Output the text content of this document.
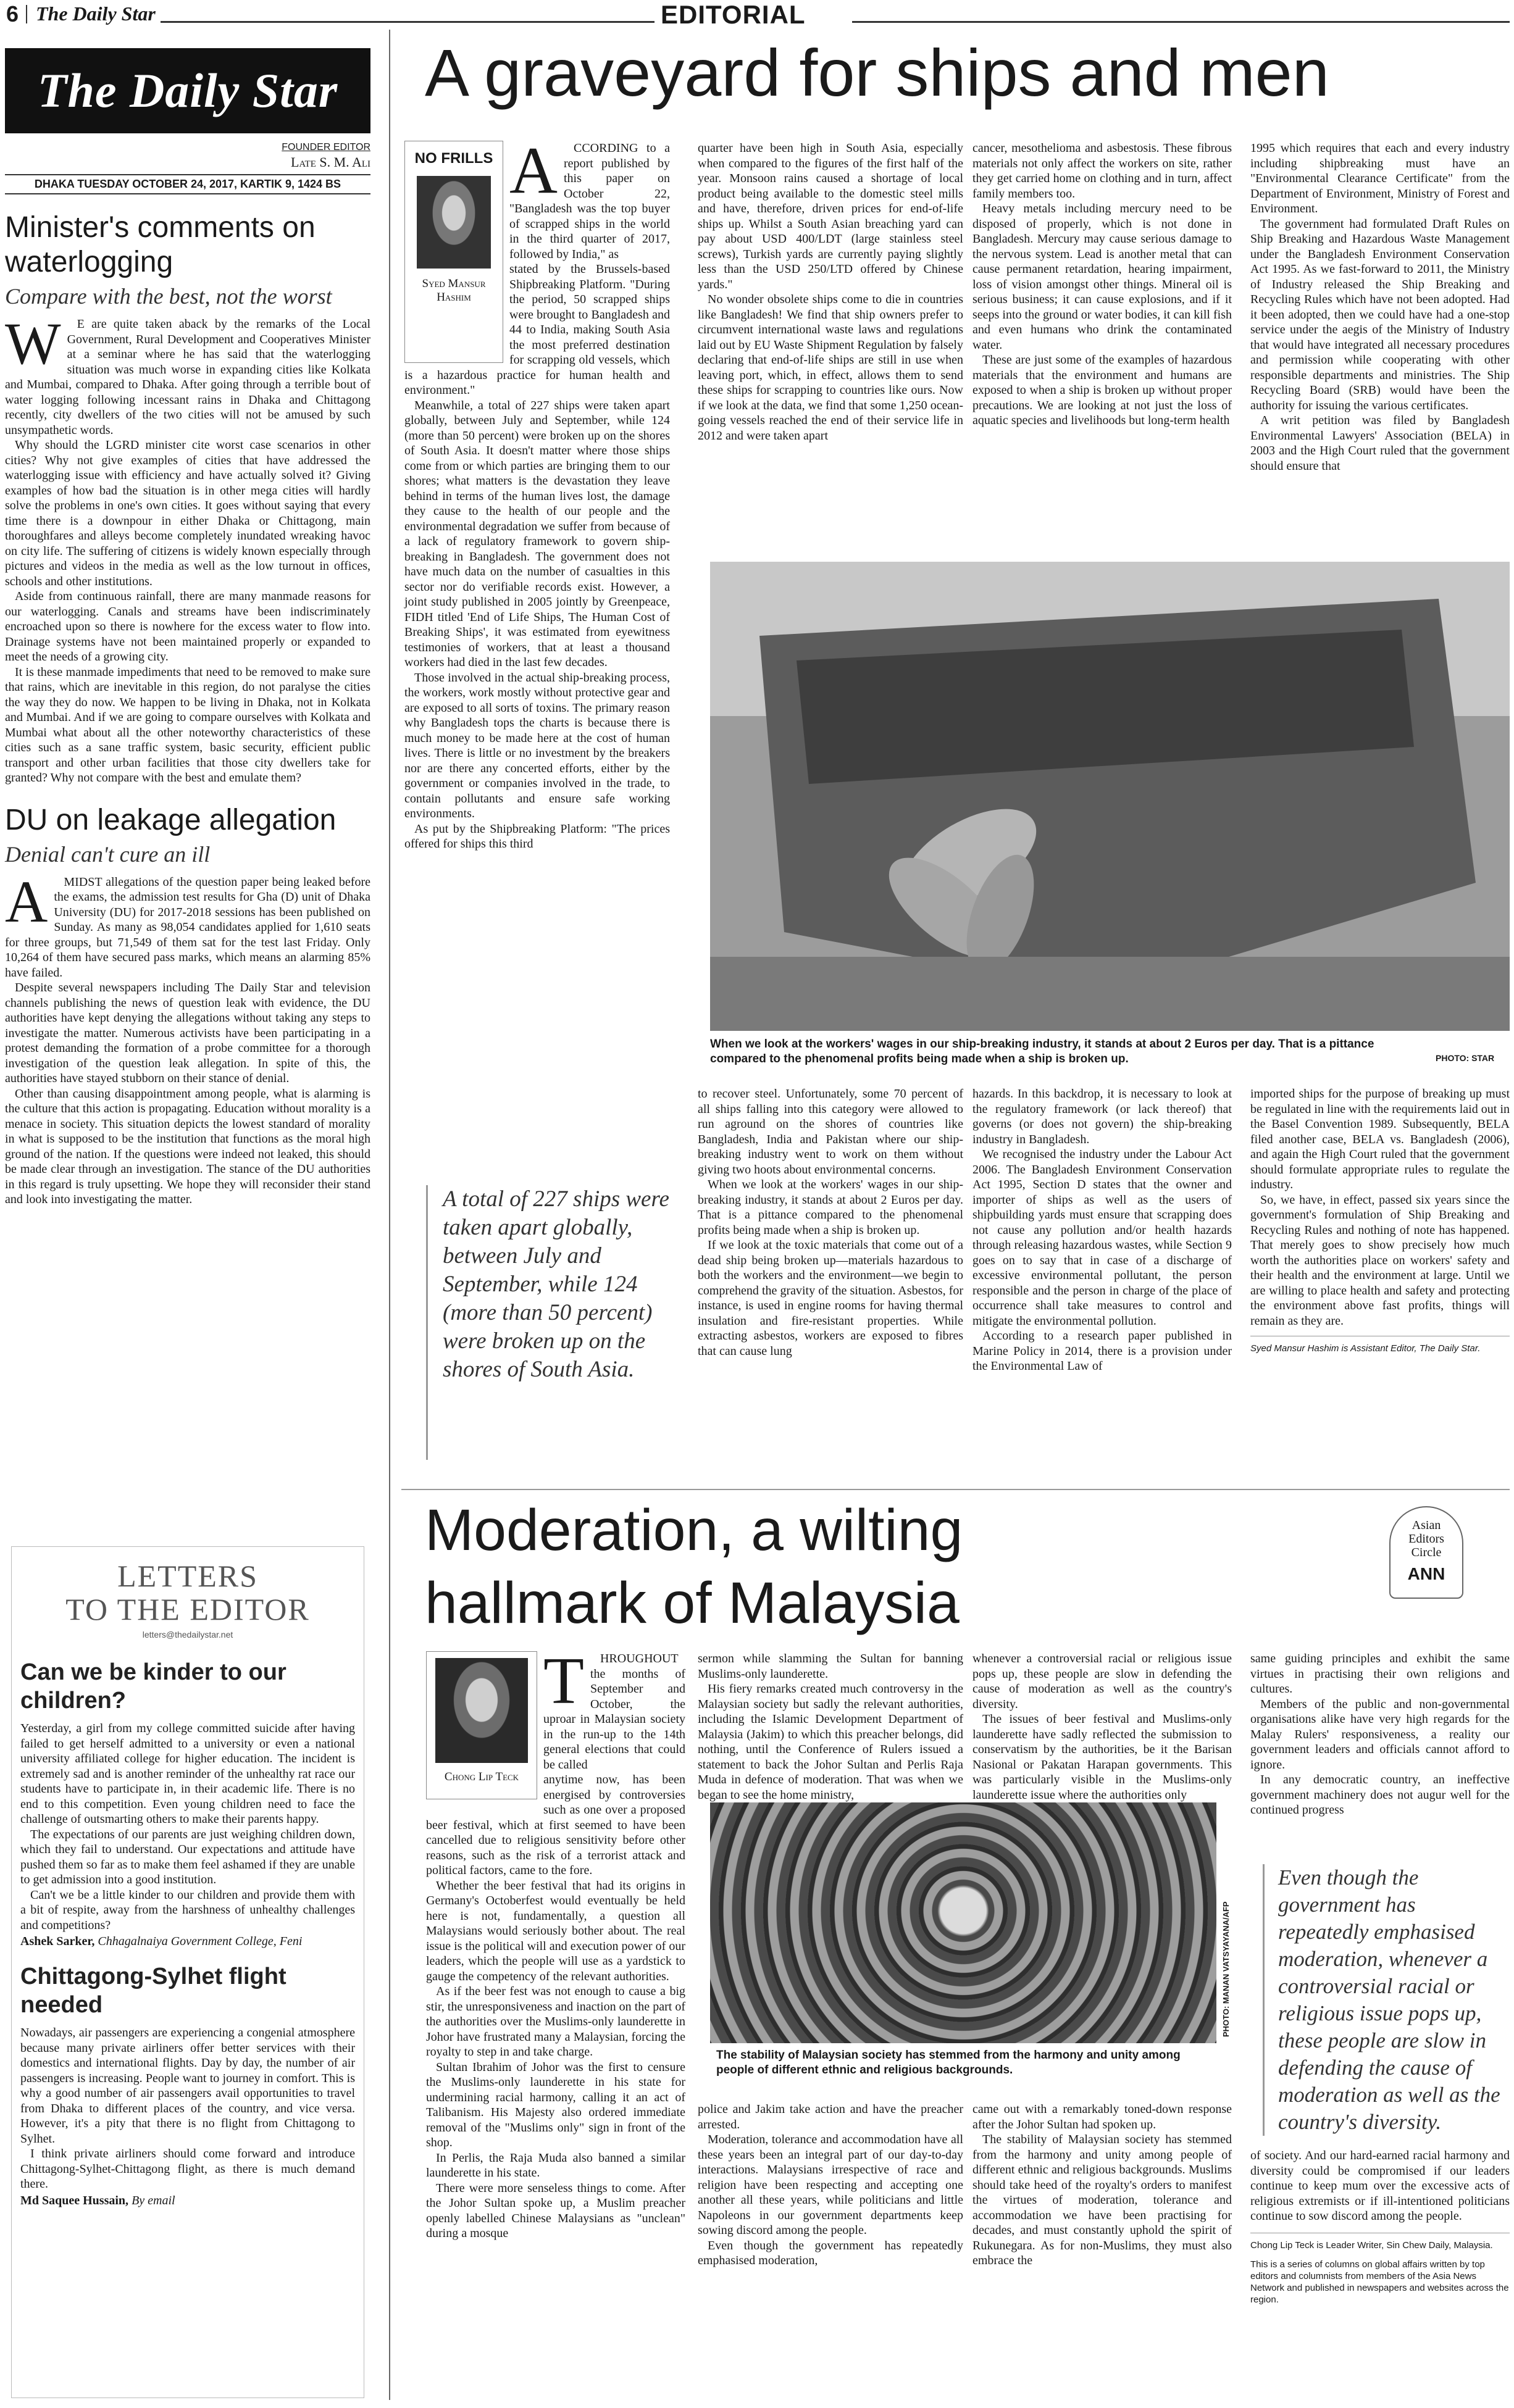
6 The Daily Star	EDITORIAL
The Daily Star
FOUNDER EDITOR
Late S. M. Ali
DHAKA TUESDAY OCTOBER 24, 2017, KARTIK 9, 1424 BS
Minister's comments on waterlogging
Compare with the best, not the worst
W	E are quite taken aback by the remarks of the Local Government, Rural Development and Cooperatives Minister at a seminar where he has said that the waterlogging situation was much worse in expanding cities like Kolkata and Mumbai, compared to Dhaka. After going through a terrible bout of water logging following incessant rains in Dhaka and Chittagong recently, city dwellers of the two cities will not be amused by such unsympathetic words.

Why should the LGRD minister cite worst case scenarios in other cities? Why not give examples of cities that have addressed the waterlogging issue with efficiency and have actually solved it? Giving examples of how bad the situation is in other mega cities will hardly solve the problems in one's own cities. It goes without saying that every time there is a downpour in either Dhaka or Chittagong, main thoroughfares and alleys become completely inundated wreaking havoc on city life. The suffering of citizens is widely known especially through pictures and videos in the media as well as the low turnout in offices, schools and other institutions.

Aside from continuous rainfall, there are many manmade reasons for our waterlogging. Canals and streams have been indiscriminately encroached upon so there is nowhere for the excess water to flow into. Drainage systems have not been maintained properly or expanded to meet the needs of a growing city.

It is these manmade impediments that need to be removed to make sure that rains, which are inevitable in this region, do not paralyse the cities the way they do now. We happen to be living in Dhaka, not in Kolkata and Mumbai. And if we are going to compare ourselves with Kolkata and Mumbai what about all the other noteworthy characteristics of these cities such as a sane traffic system, basic security, efficient public transport and other urban facilities that those city dwellers take for granted? Why not compare with the best and emulate them?

DU on leakage allegation
Denial can't cure an ill
A	MIDST allegations of the question paper being leaked before the exams, the admission test results for Gha (D) unit of Dhaka University (DU) for 2017-2018 sessions has been published on Sunday. As many as 98,054 candidates applied for 1,610 seats for three groups, but 71,549 of them sat for the test last Friday. Only 10,264 of them have secured pass marks, which means an alarming 85% have failed.

Despite several newspapers including The Daily Star and television channels publishing the news of question leak with evidence, the DU authorities have kept denying the allegations without taking any steps to investigate the matter. Numerous activists have been participating in a protest demanding the formation of a probe committee for a thorough investigation of the question leak allegation. In spite of this, the authorities have stayed stubborn on their stance of denial.

Other than causing disappointment among people, what is alarming is the culture that this action is propagating. Education without morality is a menace in society. This situation depicts the lowest standard of morality in what is supposed to be the institution that functions as the moral high ground of the nation. If the questions were indeed not leaked, this should be made clear through an investigation. The stance of the DU authorities in this regard is truly upsetting. We hope they will reconsider their stand and look into investigating the matter.

LETTERS
TO THE EDITOR
letters@thedailystar.net
Can we be kinder to our children?

Yesterday, a girl from my college committed suicide after having failed to get herself admitted to a university or even a national university affiliated college for higher education. The incident is extremely sad and is another reminder of the unhealthy rat race our students have to participate in, in their academic life. There is no end to this competition. Even young children need to face the challenge of outsmarting others to make their parents happy.

The expectations of our parents are just weighing children down, which they fail to understand. Our expectations and attitude have pushed them so far as to make them feel ashamed if they are unable to get admission into a good institution.

Can't we be a little kinder to our children and provide them with a bit of respite, away from the harshness of unhealthy challenges and competitions?

Ashek Sarker, Chhagalnaiya Government College, Feni
Chittagong-Sylhet flight needed

Nowadays, air passengers are experiencing a congenial atmosphere because many private airliners offer better services with their domestics and international flights. Day by day, the number of air passengers is increasing. People want to journey in comfort. This is why a good number of air passengers avail opportunities to travel from Dhaka to different places of the country, and vice versa. However, it's a pity that there is no flight from Chittagong to Sylhet.

I think private airliners should come forward and introduce Chittagong-Sylhet-Chittagong flight, as there is much demand there.

Md Saquee Hussain, By email
A graveyard for ships and men
NO FRILLS
Syed Mansur Hashim
A	CCORDING to a report published by this paper on October 22, "Bangladesh was the top buyer of scrapped ships in the world in the third quarter of 2017, followed by India," as

stated by the Brussels-based Shipbreaking Platform. "During the period, 50 scrapped ships were brought to Bangladesh and 44 to India, making South Asia the most preferred destination for scrapping old vessels, which is a hazardous practice for human health and environment."

Meanwhile, a total of 227 ships were taken apart globally, between July and September, while 124 (more than 50 percent) were broken up on the shores of South Asia. It doesn't matter where those ships come from or which parties are bringing them to our shores; what matters is the devastation they leave behind in terms of the human lives lost, the damage they cause to the health of our people and the environmental degradation we suffer from because of a lack of regulatory framework to govern ship-breaking in Bangladesh. The government does not have much data on the number of casualties in this sector nor do verifiable records exist. However, a joint study published in 2005 jointly by Greenpeace, FIDH titled 'End of Life Ships, The Human Cost of Breaking Ships', it was estimated from eyewitness testimonies of workers, that at least a thousand workers had died in the last few decades.

Those involved in the actual ship-breaking process, the workers, work mostly without protective gear and are exposed to all sorts of toxins. The primary reason why Bangladesh tops the charts is because there is much money to be made here at the cost of human lives. There is little or no investment by the breakers nor are there any concerted efforts, either by the government or companies involved in the trade, to contain pollutants and ensure safe working environments.

As put by the Shipbreaking Platform: "The prices offered for ships this third

quarter have been high in South Asia, especially when compared to the figures of the first half of the year. Monsoon rains caused a shortage of local product being available to the domestic steel mills and have, therefore, driven prices for end-of-life ships up. Whilst a South Asian breaching yard can pay about USD 400/LDT (large stainless steel screws), Turkish yards are currently paying slightly less than the USD 250/LTD offered by Chinese yards."

No wonder obsolete ships come to die in countries like Bangladesh! We find that ship owners prefer to circumvent international waste laws and regulations laid out by EU Waste Shipment Regulation by falsely declaring that end-of-life ships are still in use when leaving port, which, in effect, allows them to send these ships for scrapping to countries like ours. Now if we look at the data, we find that some 1,250 ocean-going vessels reached the end of their service life in 2012 and were taken apart

cancer, mesothelioma and asbestosis. These fibrous materials not only affect the workers on site, rather they get carried home on clothing and in turn, affect family members too.

Heavy metals including mercury need to be disposed of properly, which is not done in Bangladesh. Mercury may cause serious damage to the nervous system. Lead is another metal that can cause permanent retardation, hearing impairment, loss of vision amongst other things. Mineral oil is serious business; it can cause explosions, and if it seeps into the ground or water bodies, it can kill fish and even humans who drink the contaminated water.

These are just some of the examples of hazardous materials that the environment and humans are exposed to when a ship is broken up without proper precautions. We are looking at not just the loss of aquatic species and livelihoods but long-term health

1995 which requires that each and every industry including shipbreaking must have an "Environmental Clearance Certificate" from the Department of Environment, Ministry of Forest and Environment.

The government had formulated Draft Rules on Ship Breaking and Hazardous Waste Management under the Bangladesh Environment Conservation Act 1995. As we fast-forward to 2011, the Ministry of Industry released the Ship Breaking and Recycling Rules which have not been adopted. Had it been adopted, then we could have had a one-stop service under the aegis of the Ministry of Industry that would have integrated all necessary procedures and permission while cooperating with other responsible departments and ministries. The Ship Recycling Board (SRB) would have been the authority for issuing the various certificates.

A writ petition was filed by Bangladesh Environmental Lawyers' Association (BELA) in 2003 and the High Court ruled that the government should ensure that

When we look at the workers' wages in our ship-breaking industry, it stands at about 2 Euros per day. That is a pittance compared to the phenomenal profits being made when a ship is broken up.	PHOTO: STAR
A total of 227 ships were taken apart globally, between July and September, while 124 (more than 50 percent) were broken up on the shores of South Asia.

to recover steel. Unfortunately, some 70 percent of all ships falling into this category were allowed to run aground on the shores of countries like Bangladesh, India and Pakistan where our ship-breaking industry went to work on them without giving two hoots about environmental concerns.

When we look at the workers' wages in our ship-breaking industry, it stands at about 2 Euros per day. That is a pittance compared to the phenomenal profits being made when a ship is broken up.

If we look at the toxic materials that come out of a dead ship being broken up—materials hazardous to both the workers and the environment—we begin to comprehend the gravity of the situation. Asbestos, for instance, is used in engine rooms for having thermal insulation and fire-resistant properties. While extracting asbestos, workers are exposed to fibres that can cause lung

hazards. In this backdrop, it is necessary to look at the regulatory framework (or lack thereof) that governs (or does not govern) the ship-breaking industry in Bangladesh.

We recognised the industry under the Labour Act 2006. The Bangladesh Environment Conservation Act 1995, Section D states that the owner and importer of ships as well as the users of shipbuilding yards must ensure that scrapping does not cause any pollution and/or health hazards through releasing hazardous wastes, while Section 9 goes on to say that in case of a discharge of excessive environmental pollutant, the person responsible and the person in charge of the place of occurrence shall take measures to control and mitigate the environmental pollution.

According to a research paper published in Marine Policy in 2014, there is a provision under the Environmental Law of

imported ships for the purpose of breaking up must be regulated in line with the requirements laid out in the Basel Convention 1989. Subsequently, BELA filed another case, BELA vs. Bangladesh (2006), and again the High Court ruled that the government should formulate appropriate rules to regulate the industry.

So, we have, in effect, passed six years since the government's formulation of Ship Breaking and Recycling Rules and nothing of note has happened. That merely goes to show precisely how much worth the authorities place on workers' safety and their health and the environment at large. Until we are willing to place health and safety and protecting the environment above fast profits, things will remain as they are.

Syed Mansur Hashim is Assistant Editor, The Daily Star.
Moderation, a wilting
hallmark of Malaysia
Asian
Editors
Circle
ANN
Chong Lip Teck
T	HROUGHOUT the months of September and October, the uproar in Malaysian society in the run-up to the 14th general elections that could be called

anytime now, has been energised by controversies such as one over a proposed beer festival, which at first seemed to have been cancelled due to religious sensitivity before other reasons, such as the risk of a terrorist attack and political factors, came to the fore.

Whether the beer festival that had its origins in Germany's Octoberfest would eventually be held here is not, fundamentally, a question all Malaysians would seriously bother about. The real issue is the political will and execution power of our leaders, which the people will use as a yardstick to gauge the competency of the relevant authorities.

As if the beer fest was not enough to cause a big stir, the unresponsiveness and inaction on the part of the authorities over the Muslims-only launderette in Johor have frustrated many a Malaysian, forcing the royalty to step in and take charge.

Sultan Ibrahim of Johor was the first to censure the Muslims-only launderette in his state for undermining racial harmony, calling it an act of Talibanism. His Majesty also ordered immediate removal of the "Muslims only" sign in front of the shop.

In Perlis, the Raja Muda also banned a similar launderette in his state.

There were more senseless things to come. After the Johor Sultan spoke up, a Muslim preacher openly labelled Chinese Malaysians as "unclean" during a mosque

sermon while slamming the Sultan for banning Muslims-only launderette.

His fiery remarks created much controversy in the Malaysian society but sadly the relevant authorities, including the Islamic Development Department of Malaysia (Jakim) to which this preacher belongs, did nothing, until the Conference of Rulers issued a statement to back the Johor Sultan and Perlis Raja Muda in defence of moderation. That was when we began to see the home ministry,

whenever a controversial racial or religious issue pops up, these people are slow in defending the cause of moderation as well as the country's diversity.

The issues of beer festival and Muslims-only launderette have sadly reflected the submission to conservatism by the authorities, be it the Barisan Nasional or Pakatan Harapan governments. This was particularly visible in the Muslims-only launderette issue where the authorities only

same guiding principles and exhibit the same virtues in practising their own religions and cultures.

Members of the public and non-governmental organisations alike have very high regards for the Malay Rulers' responsiveness, a reality our government leaders and officials cannot afford to ignore.

In any democratic country, an ineffective government machinery does not augur well for the continued progress

PHOTO: MANAN VATSYAYANA/AFP
The stability of Malaysian society has stemmed from the harmony and unity among people of different ethnic and religious backgrounds.
Even though the government has repeatedly emphasised moderation, whenever a controversial racial or religious issue pops up, these people are slow in defending the cause of moderation as well as the country's diversity.

police and Jakim take action and have the preacher arrested.

Moderation, tolerance and accommodation have all these years been an integral part of our day-to-day interactions. Malaysians irrespective of race and religion have been respecting and accepting one another all these years, while politicians and little Napoleons in our government departments keep sowing discord among the people.

Even though the government has repeatedly emphasised moderation,

came out with a remarkably toned-down response after the Johor Sultan had spoken up.

The stability of Malaysian society has stemmed from the harmony and unity among people of different ethnic and religious backgrounds. Muslims should take heed of the royalty's orders to manifest the virtues of moderation, tolerance and accommodation we have been practising for decades, and must constantly uphold the spirit of Rukunegara. As for non-Muslims, they must also embrace the

of society. And our hard-earned racial harmony and diversity could be compromised if our leaders continue to keep mum over the excessive acts of religious extremists or if ill-intentioned politicians continue to sow discord among the people.

Chong Lip Teck is Leader Writer, Sin Chew Daily, Malaysia.
This is a series of columns on global affairs written by top editors and columnists from members of the Asia News Network and published in newspapers and websites across the region.
